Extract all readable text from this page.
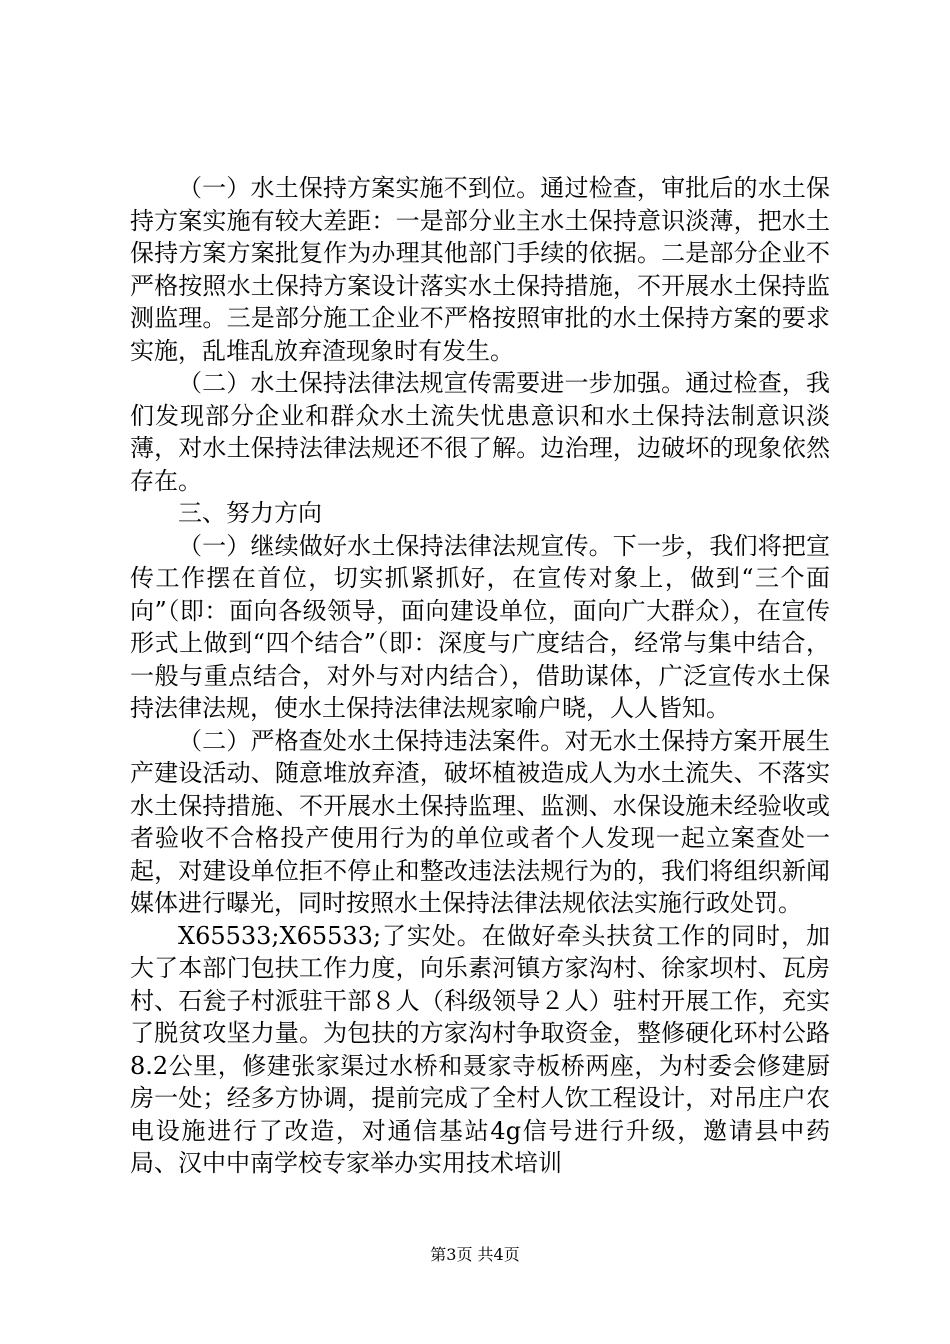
（一）水土保持方案实施不到位。通过检查，审批后的水土保持方案实施有较大差距：一是部分业主水土保持意识淡薄，把水土保持方案方案批复作为办理其他部门手续的依据。二是部分企业不严格按照水土保持方案设计落实水土保持措施，不开展水土保持监测监理。三是部分施工企业不严格按照审批的水土保持方案的要求实施，乱堆乱放弃渣现象时有发生。

（二）水土保持法律法规宣传需要进一步加强。通过检查，我们发现部分企业和群众水土流失忧患意识和水土保持法制意识淡薄，对水土保持法律法规还不很了解。边治理，边破坏的现象依然存在。

三、努力方向

（一）继续做好水土保持法律法规宣传。下一步，我们将把宣传工作摆在首位，切实抓紧抓好，在宣传对象上，做到“三个面向”（即：面向各级领导，面向建设单位，面向广大群众），在宣传形式上做到“四个结合”（即：深度与广度结合，经常与集中结合，一般与重点结合，对外与对内结合），借助谋体，广泛宣传水土保持法律法规，使水土保持法律法规家喻户晓，人人皆知。

（二）严格查处水土保持违法案件。对无水土保持方案开展生产建设活动、随意堆放弃渣，破坏植被造成人为水土流失、不落实水土保持措施、不开展水土保持监理、监测、水保设施未经验收或者验收不合格投产使用行为的单位或者个人发现一起立案查处一起，对建设单位拒不停止和整改违法法规行为的，我们将组织新闻媒体进行曝光，同时按照水土保持法律法规依法实施行政处罚。

X65533;X65533;了实处。在做好牵头扶贫工作的同时，加大了本部门包扶工作力度，向乐素河镇方家沟村、徐家坝村、瓦房村、石瓮子村派驻干部８人（科级领导２人）驻村开展工作，充实了脱贫攻坚力量。为包扶的方家沟村争取资金，整修硬化环村公路8.2公里，修建张家渠过水桥和聂家寺板桥两座，为村委会修建厨房一处；经多方协调，提前完成了全村人饮工程设计，对吊庄户农电设施进行了改造，对通信基站4g信号进行升级，邀请县中药局、汉中中南学校专家举办实用技术培训

第3页 共4页
